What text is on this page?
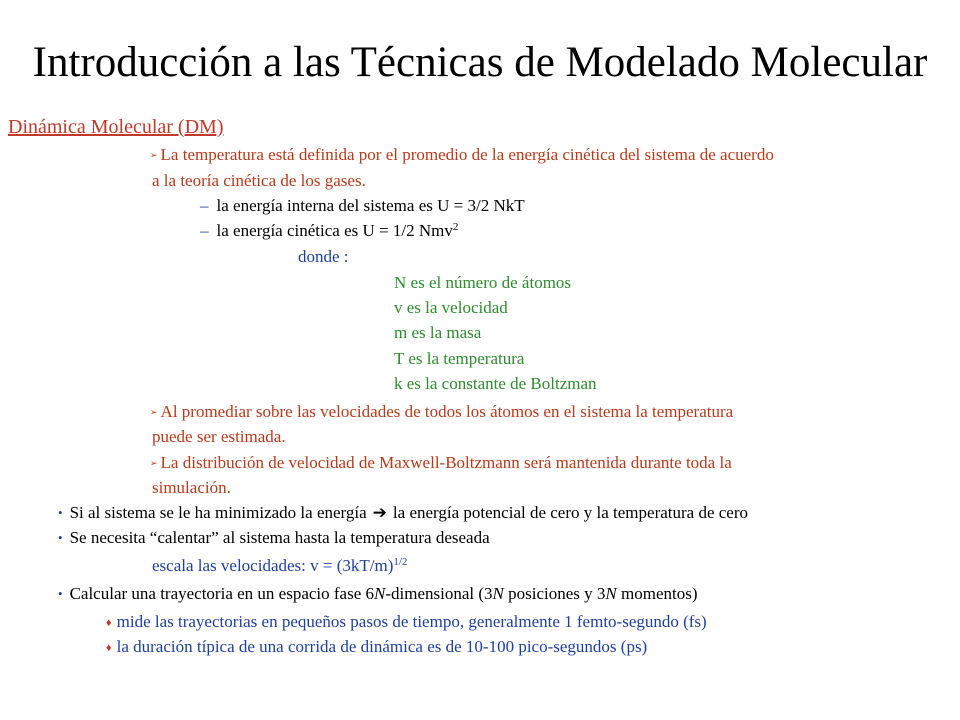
Introducción a las Técnicas de Modelado Molecular
Dinámica Molecular (DM)
➢ La temperatura está definida por el promedio de la energía cinética del sistema de acuerdo
a la teoría cinética de los gases.
– la energía interna del sistema es U = 3/2 NkT
– la energía cinética es U = 1/2 Nmv$^2$
donde :
N es el número de átomos
v es la velocidad
m es la masa
T es la temperatura
k es la constante de Boltzman
➢ Al promediar sobre las velocidades de todos los átomos en el sistema la temperatura
puede ser estimada.
➢ La distribución de velocidad de Maxwell-Boltzmann será mantenida durante toda la
simulación.
• Si al sistema se le ha minimizado la energía ➔ la energía potencial de cero y la temperatura de cero
• Se necesita “calentar” al sistema hasta la temperatura deseada
escala las velocidades: $v = (3kT/m)^{1/2}$
• Calcular una trayectoria en un espacio fase 6N-dimensional (3N posiciones y 3N momentos)
♦ mide las trayectorias en pequeños pasos de tiempo, generalmente 1 femto-segundo (fs)
♦ la duración típica de una corrida de dinámica es de 10-100 pico-segundos (ps)
